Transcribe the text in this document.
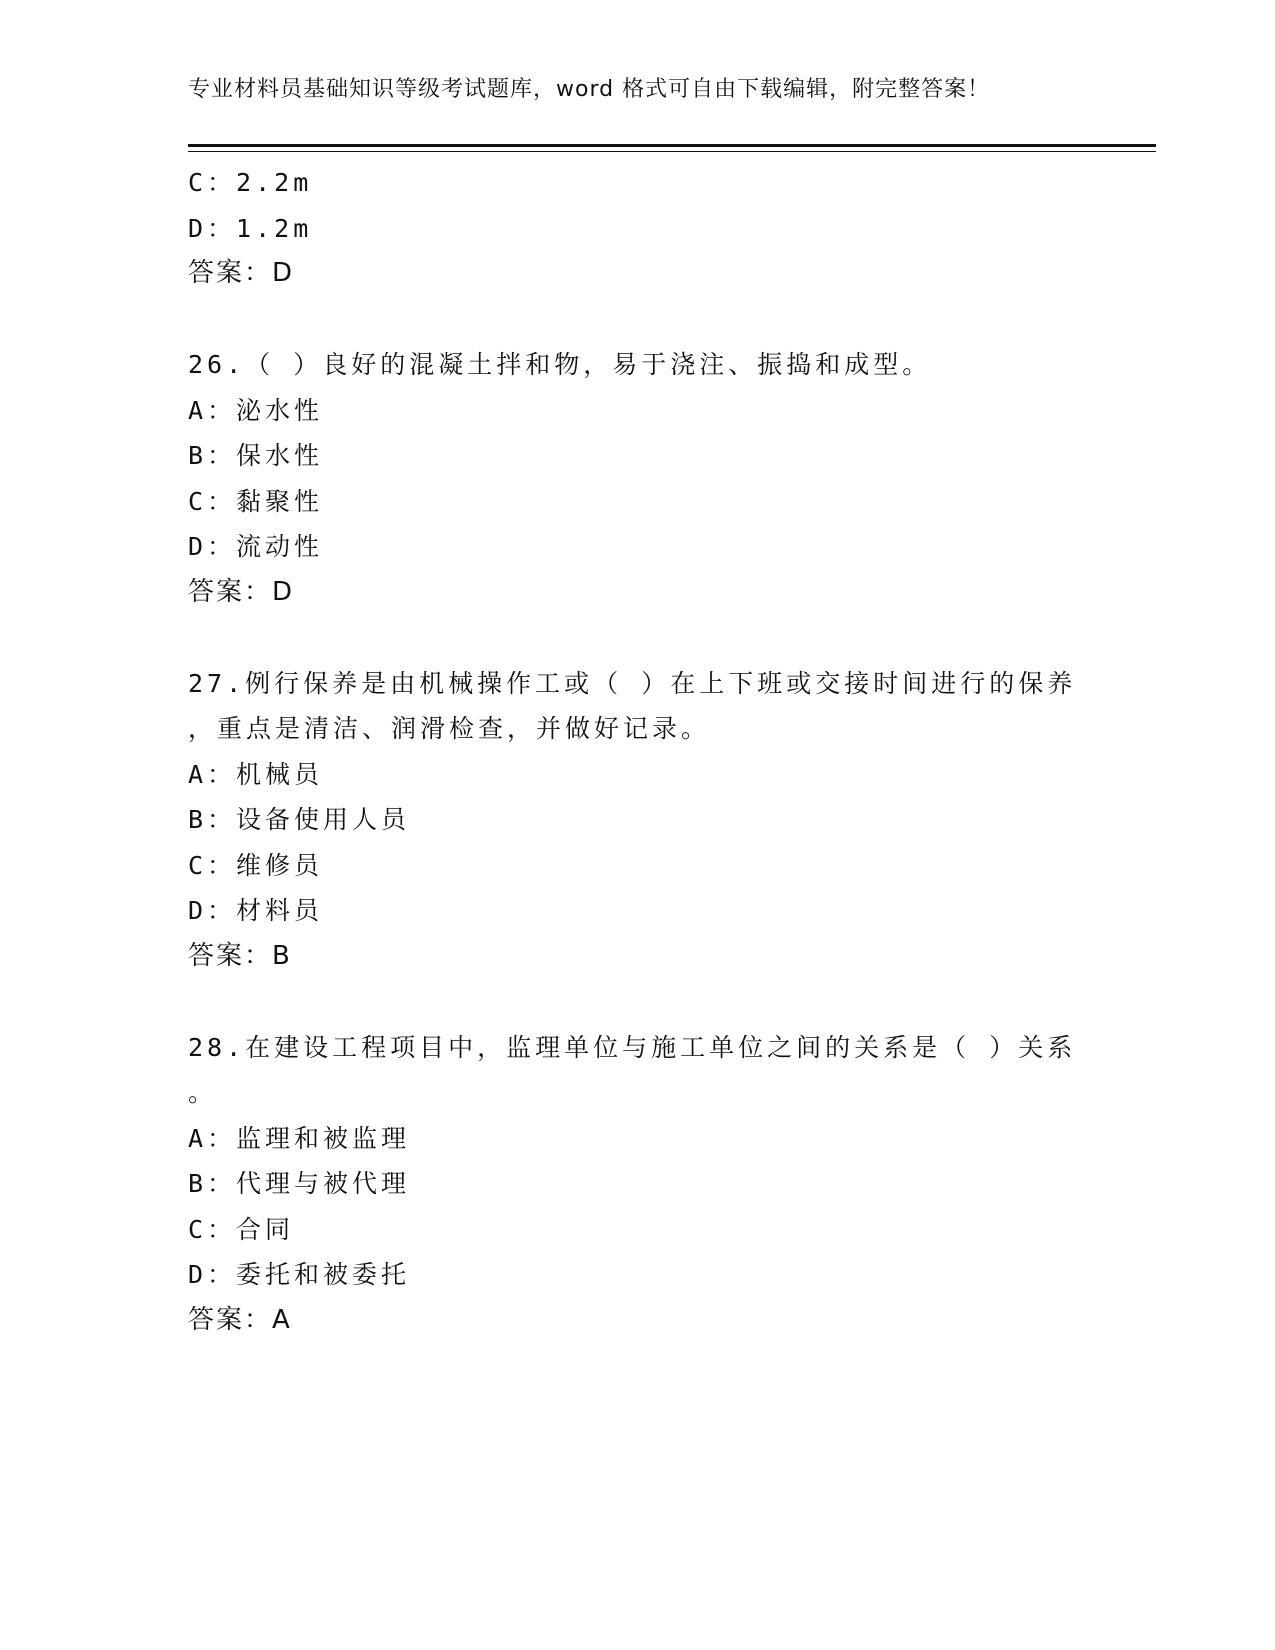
专业材料员基础知识等级考试题库，word 格式可自由下载编辑，附完整答案！
C：2.2m
D：1.2m
答案：D
26.（ ）良好的混凝土拌和物，易于浇注、振捣和成型。
A：泌水性
B：保水性
C：黏聚性
D：流动性
答案：D
27.例行保养是由机械操作工或（ ）在上下班或交接时间进行的保养
，重点是清洁、润滑检查，并做好记录。
A：机械员
B：设备使用人员
C：维修员
D：材料员
答案：B
28.在建设工程项目中，监理单位与施工单位之间的关系是（ ）关系
。
A：监理和被监理
B：代理与被代理
C：合同
D：委托和被委托
答案：A
